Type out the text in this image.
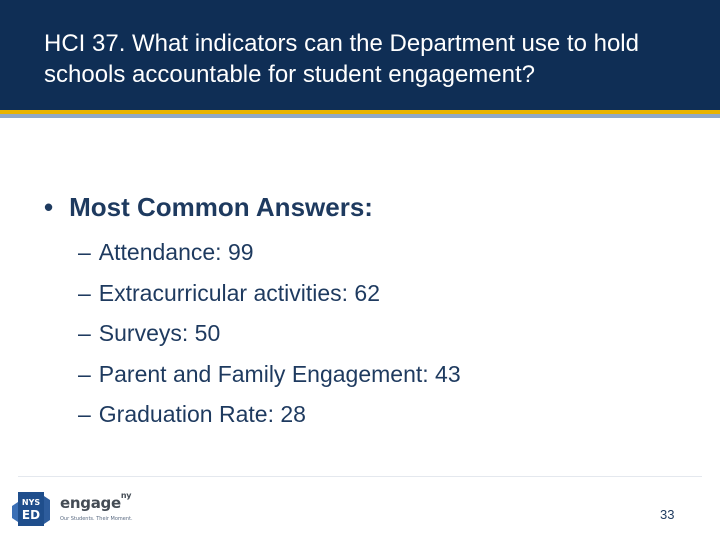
HCI 37. What indicators can the Department use to hold schools accountable for student engagement?
• Most Common Answers:
– Attendance: 99
– Extracurricular activities: 62
– Surveys: 50
– Parent and Family Engagement: 43
– Graduation Rate: 28
NYS
ED
engage$^{ny}$
Our Students. Their Moment.	33
